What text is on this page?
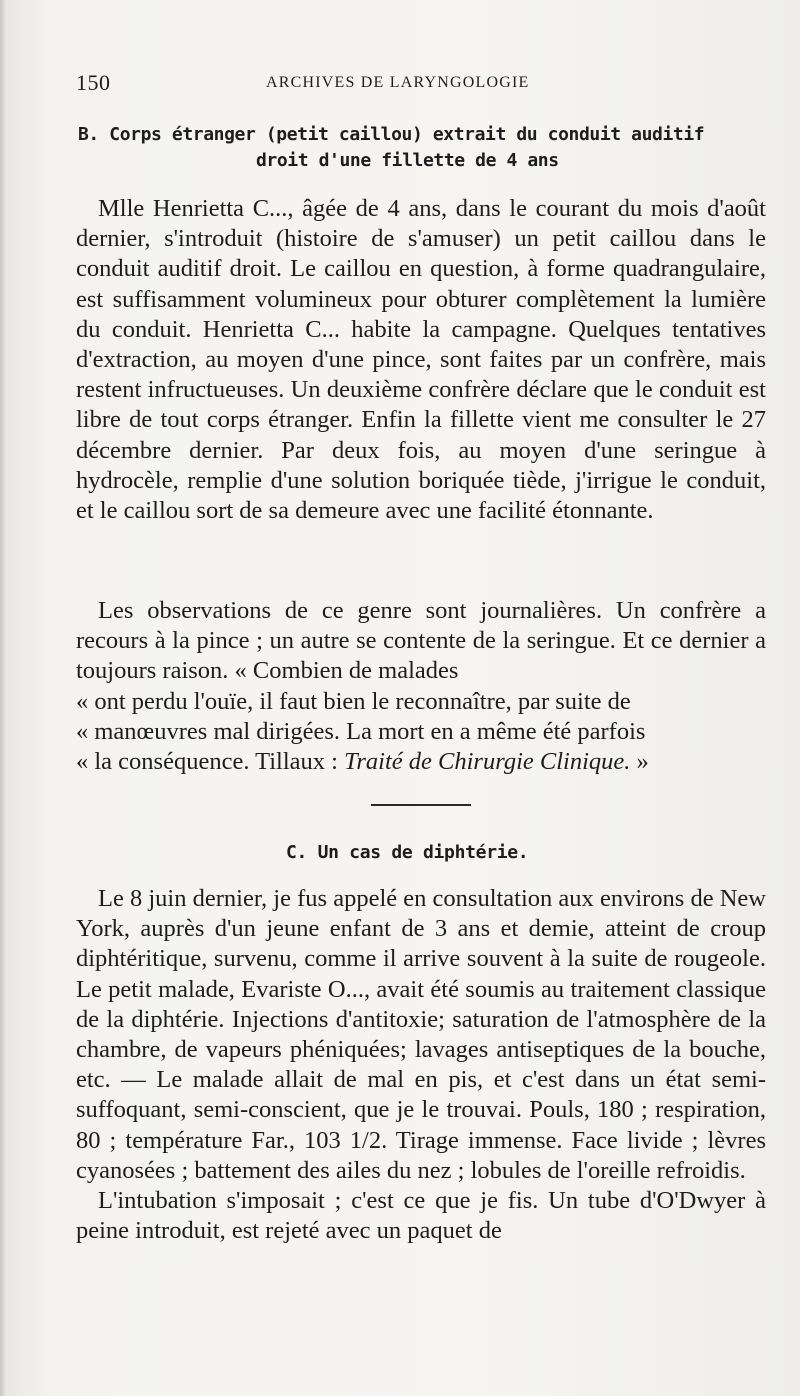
150	ARCHIVES DE LARYNGOLOGIE
B. Corps étranger (petit caillou) extrait du conduit auditif
droit d'une fillette de 4 ans

Mlle Henrietta C..., âgée de 4 ans, dans le courant du mois d'août dernier, s'introduit (histoire de s'amuser) un petit caillou dans le conduit auditif droit. Le caillou en question, à forme quadrangulaire, est suffisamment volumineux pour obturer complètement la lumière du conduit. Henrietta C... habite la campagne. Quelques tentatives d'extraction, au moyen d'une pince, sont faites par un confrère, mais restent infructueuses. Un deuxième confrère déclare que le conduit est libre de tout corps étranger. Enfin la fillette vient me consulter le 27 décembre dernier. Par deux fois, au moyen d'une seringue à hydrocèle, remplie d'une solution boriquée tiède, j'irrigue le conduit, et le caillou sort de sa demeure avec une facilité étonnante.

Les observations de ce genre sont journalières. Un confrère a recours à la pince ; un autre se contente de la seringue. Et ce dernier a toujours raison. « Combien de malades

« ont perdu l'ouïe, il faut bien le reconnaître, par suite de

« manœuvres mal dirigées. La mort en a même été parfois

« la conséquence. Tillaux : Traité de Chirurgie Clinique. »

C. Un cas de diphtérie.

Le 8 juin dernier, je fus appelé en consultation aux environs de New York, auprès d'un jeune enfant de 3 ans et demie, atteint de croup diphtéritique, survenu, comme il arrive souvent à la suite de rougeole. Le petit malade, Evariste O..., avait été soumis au traitement classique de la diphtérie. Injections d'antitoxie; saturation de l'atmosphère de la chambre, de vapeurs phéniquées; lavages antiseptiques de la bouche, etc. — Le malade allait de mal en pis, et c'est dans un état semi-suffoquant, semi-conscient, que je le trouvai. Pouls, 180 ; respiration, 80 ; température Far., 103 1/2. Tirage immense. Face livide ; lèvres cyanosées ; battement des ailes du nez ; lobules de l'oreille refroidis.

L'intubation s'imposait ; c'est ce que je fis. Un tube d'O'Dwyer à peine introduit, est rejeté avec un paquet de
